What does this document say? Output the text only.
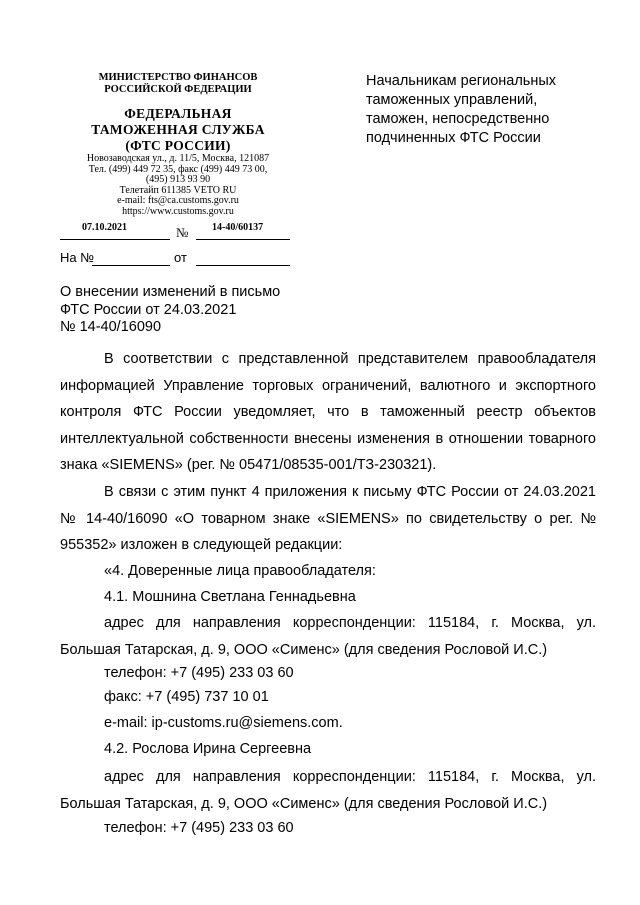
МИНИСТЕРСТВО ФИНАНСОВ
РОССИЙСКОЙ ФЕДЕРАЦИИ
ФЕДЕРАЛЬНАЯ
ТАМОЖЕННАЯ СЛУЖБА
(ФТС РОССИИ)
Новозаводская ул., д. 11/5, Москва, 121087
Тел. (499) 449 72 35, факс (499) 449 73 00,
(495) 913 93 90
Телетайп 611385 VETO RU
e-mail: fts@ca.customs.gov.ru
https://www.customs.gov.ru
Начальникам региональных
таможенных управлений,
таможен, непосредственно
подчиненных ФТС России
07.10.2021	№ 14-40/60137
На №	от
О внесении изменений в письмо
ФТС России от 24.03.2021
№ 14-40/16090
В соответствии с представленной представителем правообладателя информацией Управление торговых ограничений, валютного и экспортного контроля ФТС России уведомляет, что в таможенный реестр объектов интеллектуальной собственности внесены изменения в отношении товарного знака «SIEMENS» (рег. № 05471/08535-001/ТЗ-230321).
В связи с этим пункт 4 приложения к письму ФТС России от 24.03.2021 № 14-40/16090 «О товарном знаке «SIEMENS» по свидетельству о рег. № 955352» изложен в следующей редакции:
«4. Доверенные лица правообладателя:
4.1. Мошнина Светлана Геннадьевна
адрес для направления корреспонденции: 115184, г. Москва, ул. Большая Татарская, д. 9, ООО «Сименс» (для сведения Рословой И.С.)
телефон: +7 (495) 233 03 60
факс: +7 (495) 737 10 01
e-mail: ip-customs.ru@siemens.com.
4.2. Рослова Ирина Сергеевна
адрес для направления корреспонденции: 115184, г. Москва, ул. Большая Татарская, д. 9, ООО «Сименс» (для сведения Рословой И.С.)
телефон: +7 (495) 233 03 60
